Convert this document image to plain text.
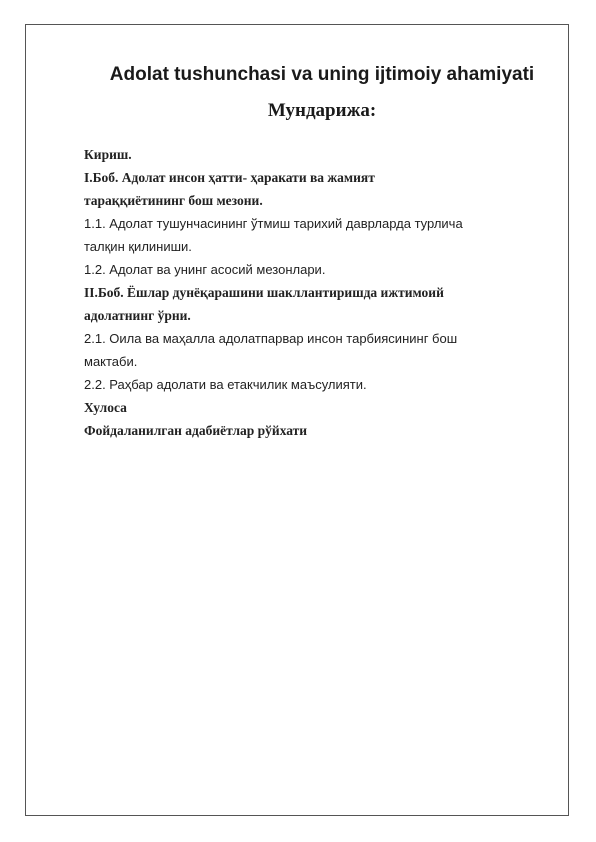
Adolat tushunchasi va uning ijtimoiy ahamiyati
Мундарижа:
Кириш.
I.Боб. Адолат инсон ҳатти- ҳаракати ва жамият
тараққиётининг бош мезони.
1.1. Адолат тушунчасининг ўтмиш тарихий даврларда турлича
талқин қилиниши.
1.2. Адолат ва унинг асосий мезонлари.
II.Боб. Ёшлар дунёқарашини шакллантиришда ижтимоий
адолатнинг ўрни.
2.1. Оила ва маҳалла адолатпарвар инсон тарбиясининг бош
мактаби.
2.2. Раҳбар адолати ва етакчилик маъсулияти.
Хулоса
Фойдаланилган адабиётлар рўйхати
